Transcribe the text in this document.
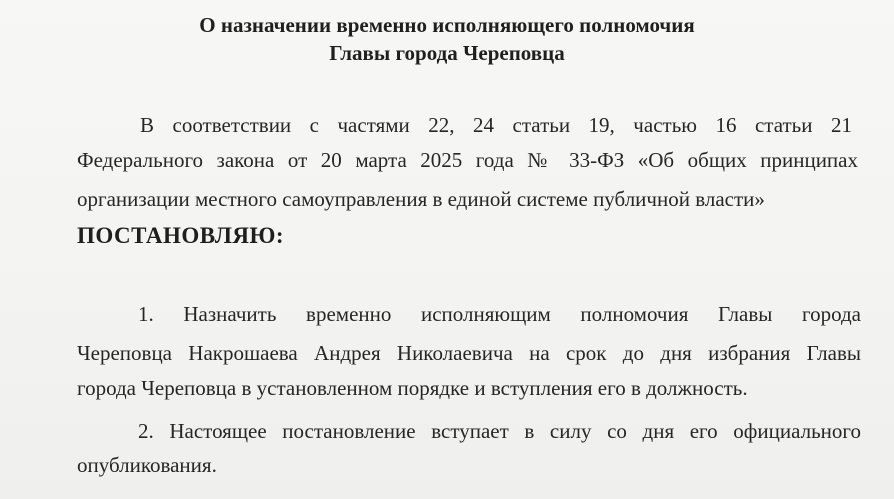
О назначении временно исполняющего полномочия
Главы города Череповца
В соответствии с частями 22, 24 статьи 19, частью 16 статьи 21
Федерального закона от 20 марта 2025 года № 33-ФЗ «Об общих принципах
организации местного самоуправления в единой системе публичной власти»
ПОСТАНОВЛЯЮ:
1. Назначить временно исполняющим полномочия Главы города
Череповца Накрошаева Андрея Николаевича на срок до дня избрания Главы
города Череповца в установленном порядке и вступления его в должность.
2. Настоящее постановление вступает в силу со дня его официального
опубликования.
